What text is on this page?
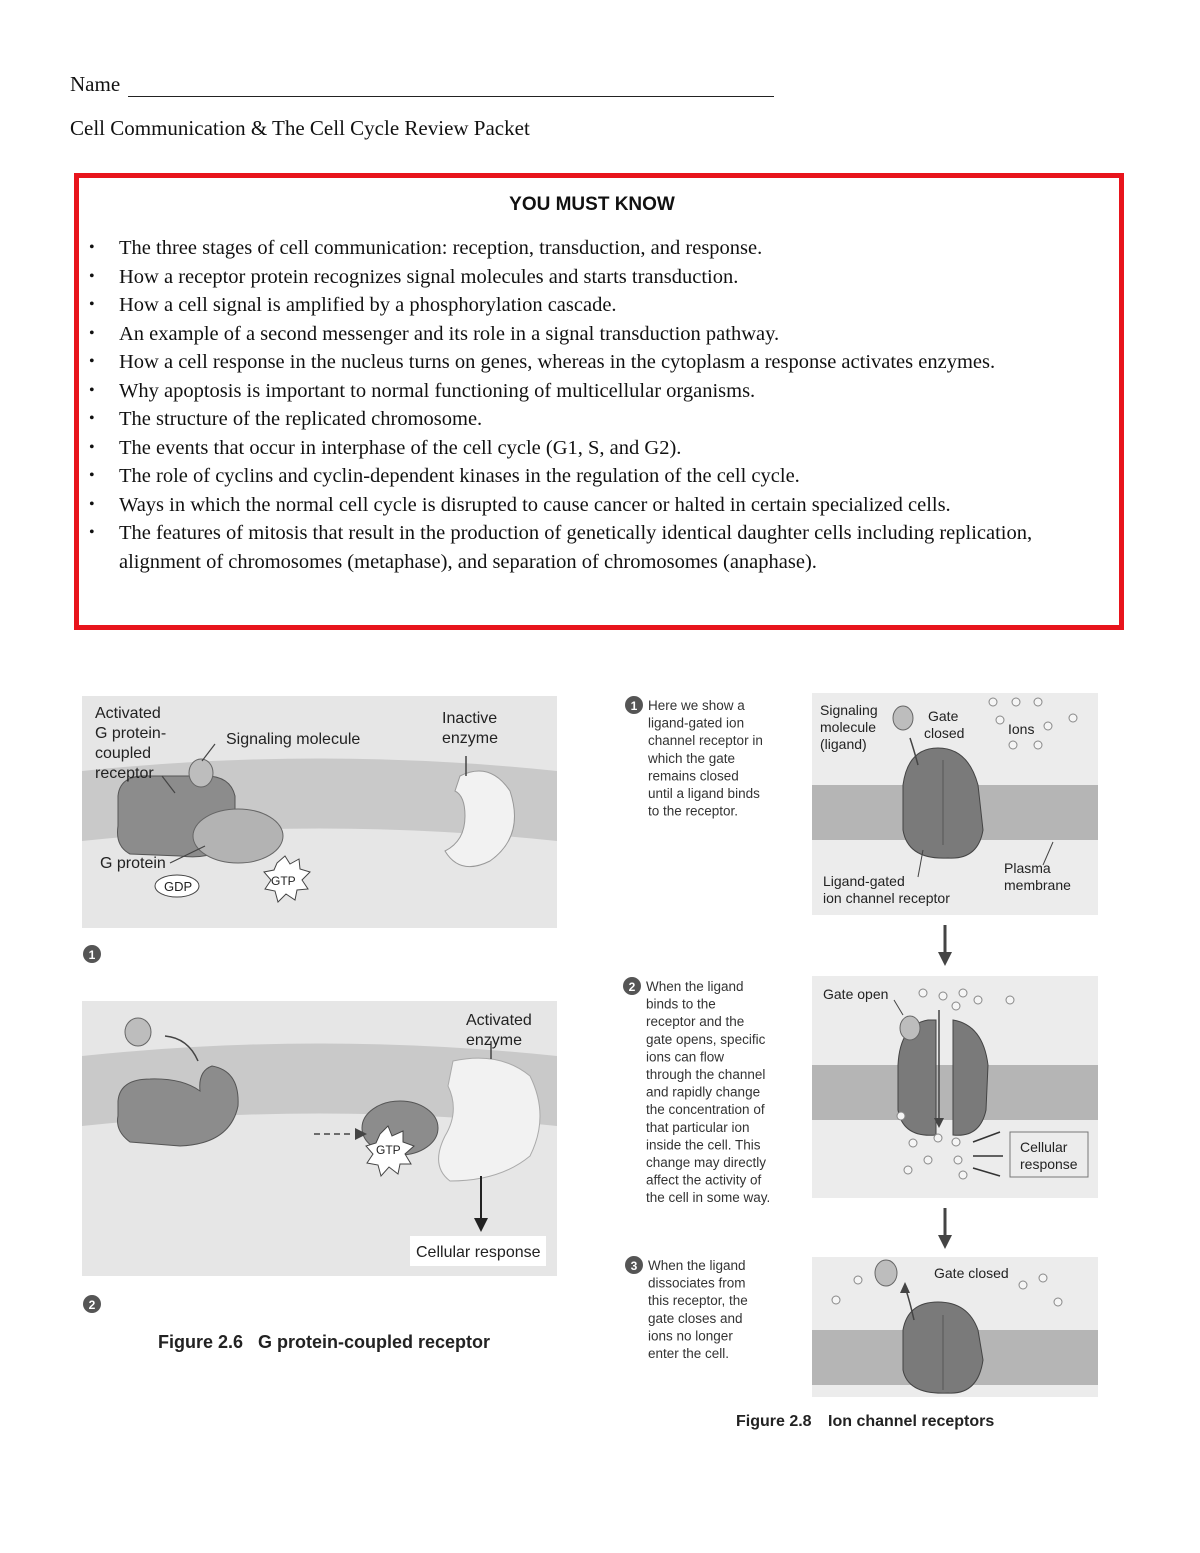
Name
Cell Communication & The Cell Cycle Review Packet
YOU MUST KNOW
• The three stages of cell communication: reception, transduction, and response.
• How a receptor protein recognizes signal molecules and starts transduction.
• How a cell signal is amplified by a phosphorylation cascade.
• An example of a second messenger and its role in a signal transduction pathway.
• How a cell response in the nucleus turns on genes, whereas in the cytoplasm a response activates enzymes.
• Why apoptosis is important to normal functioning of multicellular organisms.
• The structure of the replicated chromosome.
• The events that occur in interphase of the cell cycle (G1, S, and G2).
• The role of cyclins and cyclin-dependent kinases in the regulation of the cell cycle.
• Ways in which the normal cell cycle is disrupted to cause cancer or halted in certain specialized cells.
• The features of mitosis that result in the production of genetically identical daughter cells including replication, alignment of chromosomes (metaphase), and separation of chromosomes (anaphase).
Activated G protein-coupled receptor
Signaling molecule
Inactive enzyme
G protein
GDP	GTP
1
Activated enzyme
GTP
Cellular response
2
Figure 2.6 G protein-coupled receptor
1 Here we show a ligand-gated ion channel receptor in which the gate remains closed until a ligand binds to the receptor.
Signaling molecule (ligand)
Gate closed	Ions
Ligand-gated ion channel receptor
Plasma membrane
2 When the ligand binds to the receptor and the gate opens, specific ions can flow through the channel and rapidly change the concentration of that particular ion inside the cell. This change may directly affect the activity of the cell in some way.
Gate open
Cellular response
3 When the ligand dissociates from this receptor, the gate closes and ions no longer enter the cell.
Gate closed
Figure 2.8 Ion channel receptors
